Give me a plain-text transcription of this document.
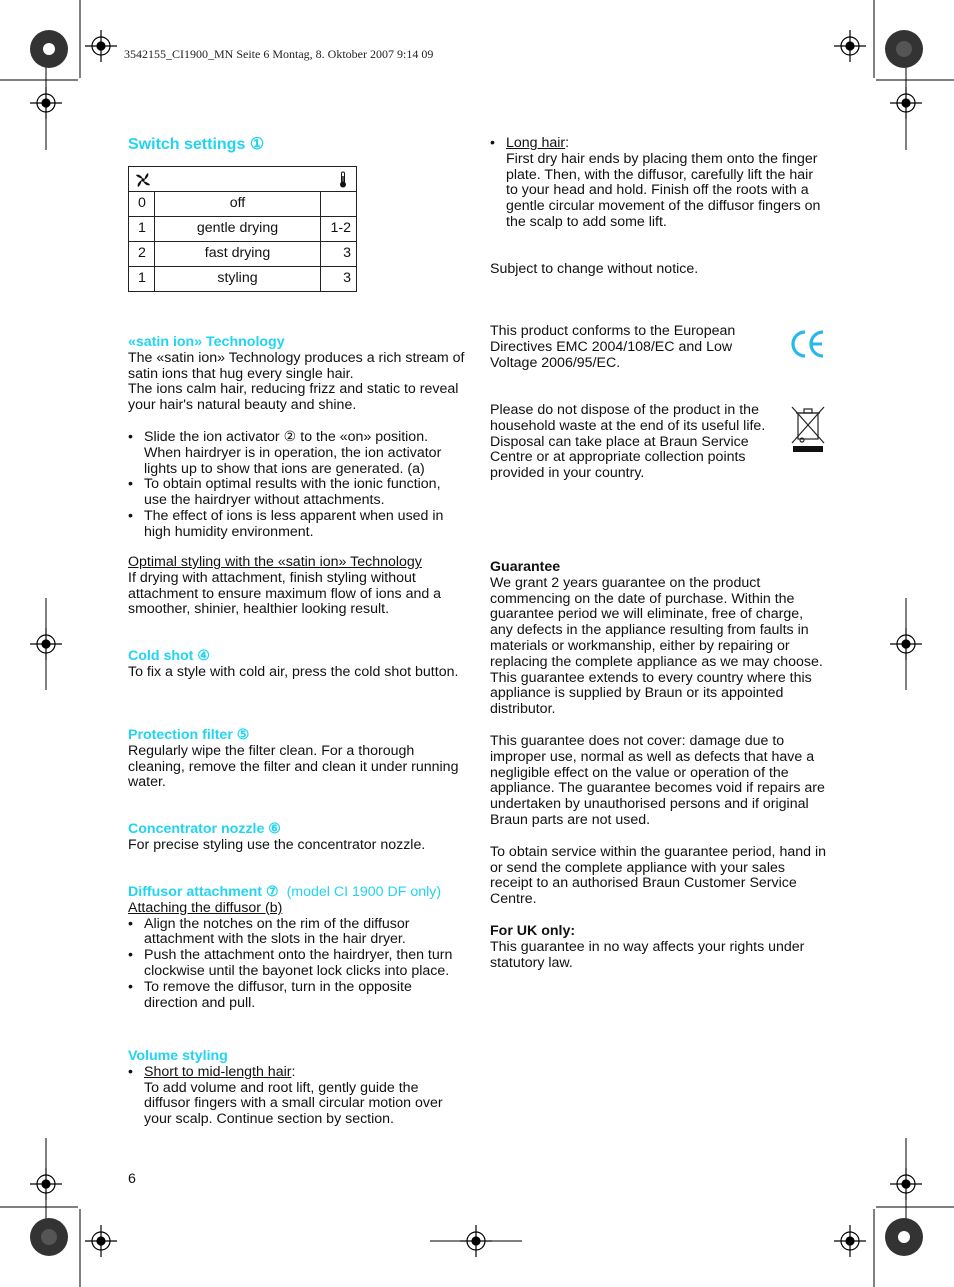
3542155_CI1900_MN Seite 6 Montag, 8. Oktober 2007 9:14 09
Switch settings ①

0	off	
1	gentle drying	1-2
2	fast drying	3
1	styling	3

«satin ion» Technology

The «satin ion» Technology produces a rich stream of satin ions that hug every single hair.

The ions calm hair, reducing frizz and static to reveal your hair's natural beauty and shine.

• Slide the ion activator ② to the «on» position. When hairdryer is in operation, the ion activator lights up to show that ions are generated. (a)

• To obtain optimal results with the ionic function, use the hairdryer without attachments.

• The effect of ions is less apparent when used in high humidity environment.

Optimal styling with the «satin ion» Technology

If drying with attachment, finish styling without attachment to ensure maximum flow of ions and a smoother, shinier, healthier looking result.

Cold shot ④

To fix a style with cold air, press the cold shot button.

Protection filter ⑤

Regularly wipe the filter clean. For a thorough cleaning, remove the filter and clean it under running water.

Concentrator nozzle ⑥

For precise styling use the concentrator nozzle.

Diffusor attachment ⑦ (model CI 1900 DF only)

Attaching the diffusor (b)

• Align the notches on the rim of the diffusor attachment with the slots in the hair dryer.

• Push the attachment onto the hairdryer, then turn clockwise until the bayonet lock clicks into place.

• To remove the diffusor, turn in the opposite direction and pull.

Volume styling

• Short to mid-length hair:
To add volume and root lift, gently guide the diffusor fingers with a small circular motion over your scalp. Continue section by section.

6

• Long hair:
First dry hair ends by placing them onto the finger plate. Then, with the diffusor, carefully lift the hair to your head and hold. Finish off the roots with a gentle circular movement of the diffusor fingers on the scalp to add some lift.

Subject to change without notice.

This product conforms to the European Directives EMC 2004/108/EC and Low Voltage 2006/95/EC.

Please do not dispose of the product in the household waste at the end of its useful life. Disposal can take place at Braun Service Centre or at appropriate collection points provided in your country.

Guarantee

We grant 2 years guarantee on the product commencing on the date of purchase. Within the guarantee period we will eliminate, free of charge, any defects in the appliance resulting from faults in materials or workmanship, either by repairing or replacing the complete appliance as we may choose.

This guarantee extends to every country where this appliance is supplied by Braun or its appointed distributor.

This guarantee does not cover: damage due to improper use, normal as well as defects that have a negligible effect on the value or operation of the appliance. The guarantee becomes void if repairs are undertaken by unauthorised persons and if original Braun parts are not used.

To obtain service within the guarantee period, hand in or send the complete appliance with your sales receipt to an authorised Braun Customer Service Centre.

For UK only:

This guarantee in no way affects your rights under statutory law.
